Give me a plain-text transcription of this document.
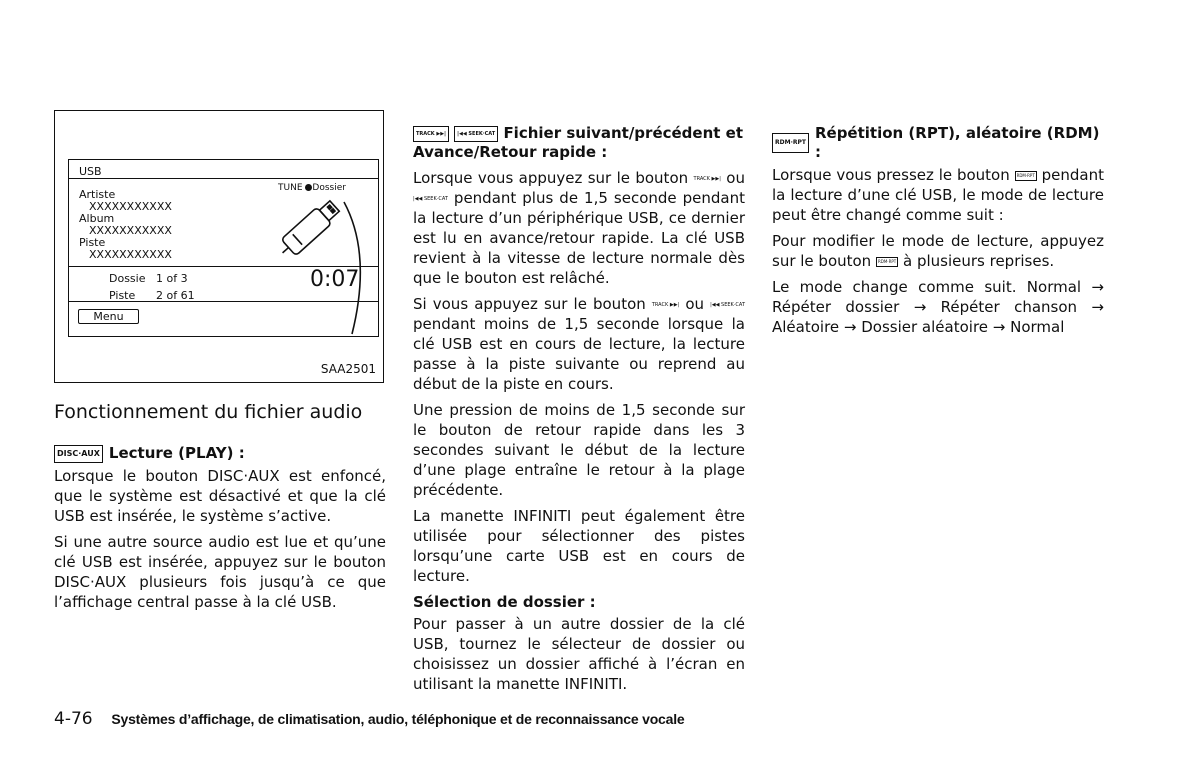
USB
Artiste
XXXXXXXXXXX
Album
XXXXXXXXXXX
Piste
XXXXXXXXXXX
TUNE Dossier
Dossie 1 of 3
Piste 2 of 61
0:07
Menu
SAA2501
Fonctionnement du fichier audio
DISC·AUX Lecture (PLAY) :

Lorsque le bouton DISC·AUX est enfoncé, que le système est désactivé et que la clé USB est insérée, le système s’active.

Si une autre source audio est lue et qu’une clé USB est insérée, appuyez sur le bouton DISC·AUX plusieurs fois jusqu’à ce que l’affichage central passe à la clé USB.

TRACK ▶▶| |◀◀ SEEK·CAT Fichier suivant/précédent et Avance/Retour rapide :

Lorsque vous appuyez sur le bouton TRACK ▶▶| ou |◀◀ SEEK·CAT pendant plus de 1,5 seconde pendant la lecture d’un périphérique USB, ce dernier est lu en avance/retour rapide. La clé USB revient à la vitesse de lecture normale dès que le bouton est relâché.

Si vous appuyez sur le bouton TRACK ▶▶| ou |◀◀ SEEK·CAT pendant moins de 1,5 seconde lorsque la clé USB est en cours de lecture, la lecture passe à la piste suivante ou reprend au début de la piste en cours.

Une pression de moins de 1,5 seconde sur le bouton de retour rapide dans les 3 secondes suivant le début de la lecture d’une plage entraîne le retour à la plage précédente.

La manette INFINITI peut également être utilisée pour sélectionner des pistes lorsqu’une carte USB est en cours de lecture.

Sélection de dossier :

Pour passer à un autre dossier de la clé USB, tournez le sélecteur de dossier ou choisissez un dossier affiché à l’écran en utilisant la manette INFINITI.

RDM·RPT
Répétition (RPT), aléatoire (RDM) :

Lorsque vous pressez le bouton RDM·RPT pendant la lecture d’une clé USB, le mode de lecture peut être changé comme suit :

Pour modifier le mode de lecture, appuyez sur le bouton RDM·RPT à plusieurs reprises.

Le mode change comme suit. Normal → Répéter dossier → Répéter chanson → Aléatoire → Dossier aléatoire → Normal

4-76 Systèmes d’affichage, de climatisation, audio, téléphonique et de reconnaissance vocale
